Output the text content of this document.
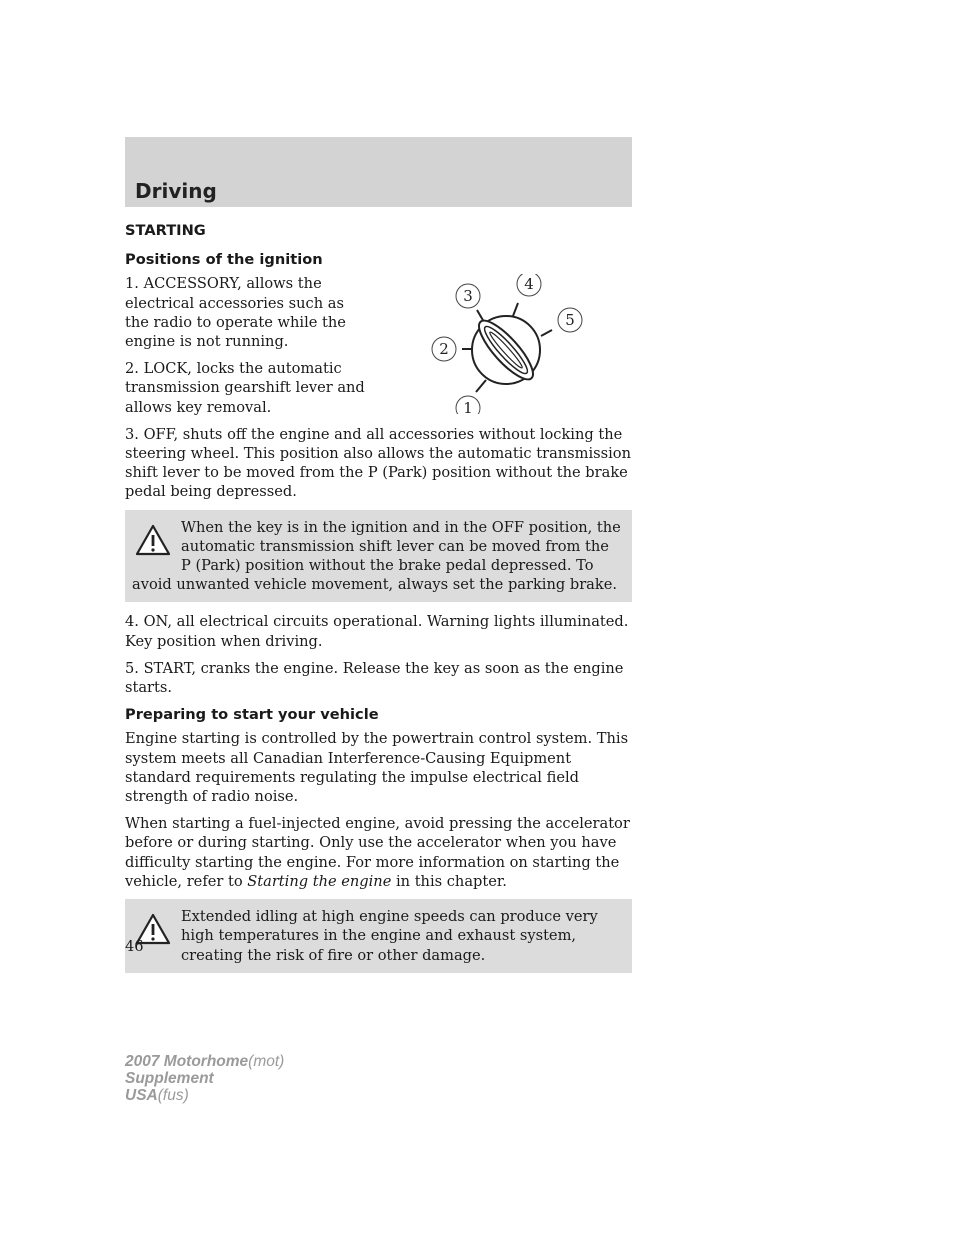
Driving
STARTING
Positions of the ignition
1
2
3
4
5

1. ACCESSORY, allows the electrical accessories such as the radio to operate while the engine is not running.

2. LOCK, locks the automatic transmission gearshift lever and allows key removal.

3. OFF, shuts off the engine and all accessories without locking the steering wheel. This position also allows the automatic transmission shift lever to be moved from the P (Park) position without the brake pedal being depressed.

When the key is in the ignition and in the OFF position, the automatic transmission shift lever can be moved from the P (Park) position without the brake pedal depressed. To avoid unwanted vehicle movement, always set the parking brake.

4. ON, all electrical circuits operational. Warning lights illuminated. Key position when driving.

5. START, cranks the engine. Release the key as soon as the engine starts.

Preparing to start your vehicle

Engine starting is controlled by the powertrain control system. This system meets all Canadian Interference-Causing Equipment standard requirements regulating the impulse electrical field strength of radio noise.

When starting a fuel-injected engine, avoid pressing the accelerator before or during starting. Only use the accelerator when you have difficulty starting the engine. For more information on starting the vehicle, refer to Starting the engine in this chapter.

Extended idling at high engine speeds can produce very high temperatures in the engine and exhaust system, creating the risk of fire or other damage.
46
2007 Motorhome(mot)
Supplement
USA(fus)
